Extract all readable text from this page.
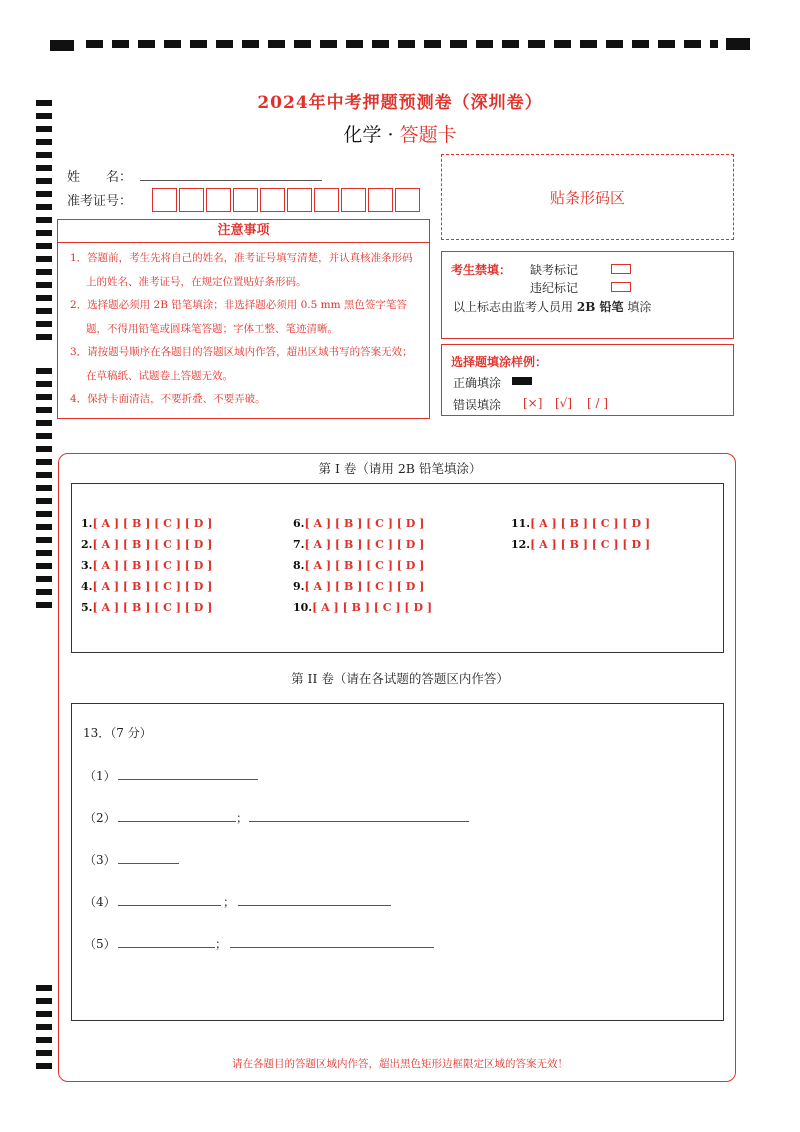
2024年中考押题预测卷（深圳卷）
化学 · 答题卡
姓　　名：
准考证号：	贴条形码区
注意事项
1．答题前，考生先将自己的姓名，准考证号填写清楚，并认真核准条形码上的姓名、准考证号，在规定位置贴好条形码。
2．选择题必须用 2B 铅笔填涂；非选择题必须用 0.5 mm 黑色签字笔答题，不得用铅笔或圆珠笔答题；字体工整、笔迹清晰。
3．请按题号顺序在各题目的答题区域内作答，超出区域书写的答案无效；在草稿纸、试题卷上答题无效。
4．保持卡面清洁，不要折叠、不要弄破。
考生禁填： 缺考标记
违纪标记
以上标志由监考人员用 2B 铅笔 填涂
选择题填涂样例：
正确填涂
错误填涂 [×] [√] [ / ]
第 I 卷（请用 2B 铅笔填涂）
1.[ A ] [ B ] [ C ] [ D ]
2.[ A ] [ B ] [ C ] [ D ]
3.[ A ] [ B ] [ C ] [ D ]
4.[ A ] [ B ] [ C ] [ D ]
5.[ A ] [ B ] [ C ] [ D ]
6.[ A ] [ B ] [ C ] [ D ]
7.[ A ] [ B ] [ C ] [ D ]
8.[ A ] [ B ] [ C ] [ D ]
9.[ A ] [ B ] [ C ] [ D ]
10.[ A ] [ B ] [ C ] [ D ]
11.[ A ] [ B ] [ C ] [ D ]
12.[ A ] [ B ] [ C ] [ D ]
第 II 卷（请在各试题的答题区内作答）
13．（7 分）
（1）
（2）	；
（3）
（4）	；
（5）	；
请在各题目的答题区域内作答，超出黑色矩形边框限定区域的答案无效！
